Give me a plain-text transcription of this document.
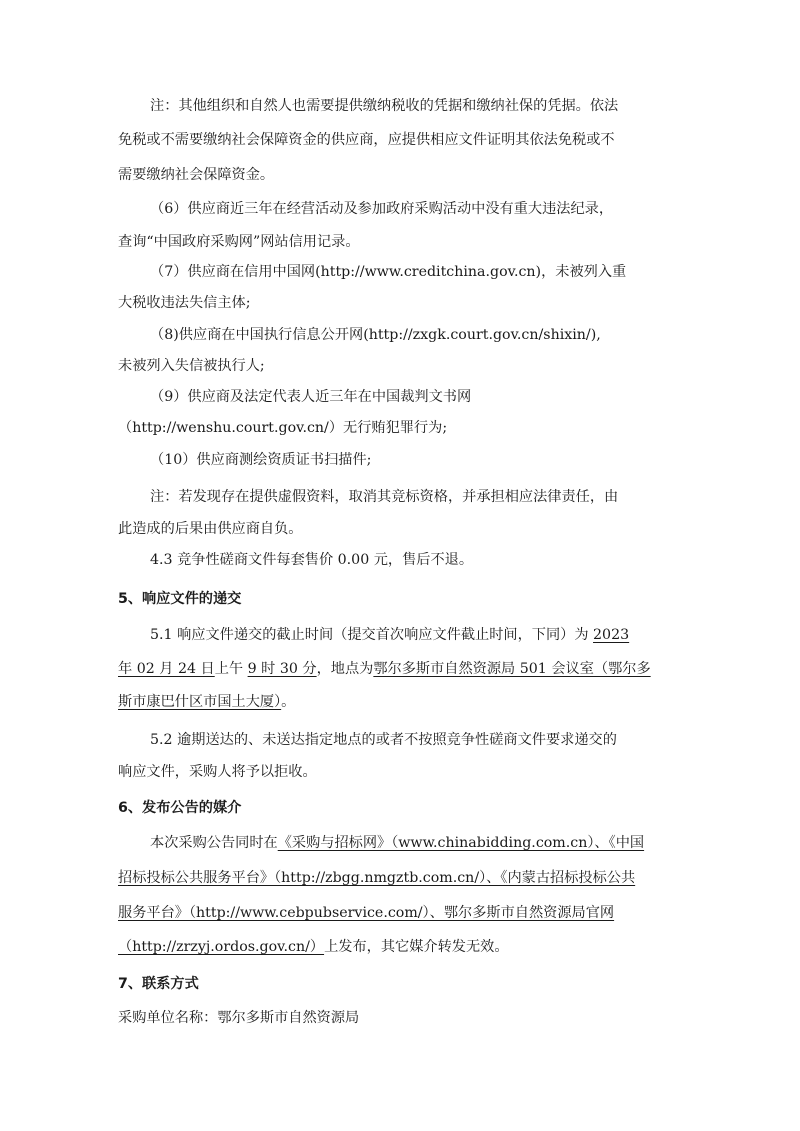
注：其他组织和自然人也需要提供缴纳税收的凭据和缴纳社保的凭据。依法
免税或不需要缴纳社会保障资金的供应商，应提供相应文件证明其依法免税或不
需要缴纳社会保障资金。
（6）供应商近三年在经营活动及参加政府采购活动中没有重大违法纪录，
查询“中国政府采购网”网站信用记录。
（7）供应商在信用中国网(http://www.creditchina.gov.cn)，未被列入重
大税收违法失信主体;
（8)供应商在中国执行信息公开网(http://zxgk.court.gov.cn/shixin/),
未被列入失信被执行人;
（9）供应商及法定代表人近三年在中国裁判文书网
（http://wenshu.court.gov.cn/）无行贿犯罪行为;
（10）供应商测绘资质证书扫描件;
注：若发现存在提供虚假资料，取消其竞标资格，并承担相应法律责任，由
此造成的后果由供应商自负。
4.3 竞争性磋商文件每套售价 0.00 元，售后不退。
5、响应文件的递交
5.1 响应文件递交的截止时间（提交首次响应文件截止时间，下同）为 2023
年 02 月 24 日上午 9 时 30 分，地点为鄂尔多斯市自然资源局 501 会议室（鄂尔多
斯市康巴什区市国土大厦）。
5.2 逾期送达的、未送达指定地点的或者不按照竞争性磋商文件要求递交的
响应文件，采购人将予以拒收。
6、发布公告的媒介
本次采购公告同时在《采购与招标网》（www.chinabidding.com.cn）、《中国
招标投标公共服务平台》（http://zbgg.nmgztb.com.cn/）、《内蒙古招标投标公共
服务平台》（http://www.cebpubservice.com/）、鄂尔多斯市自然资源局官网
（http://zrzyj.ordos.gov.cn/）上发布，其它媒介转发无效。
7、联系方式
采购单位名称：鄂尔多斯市自然资源局
